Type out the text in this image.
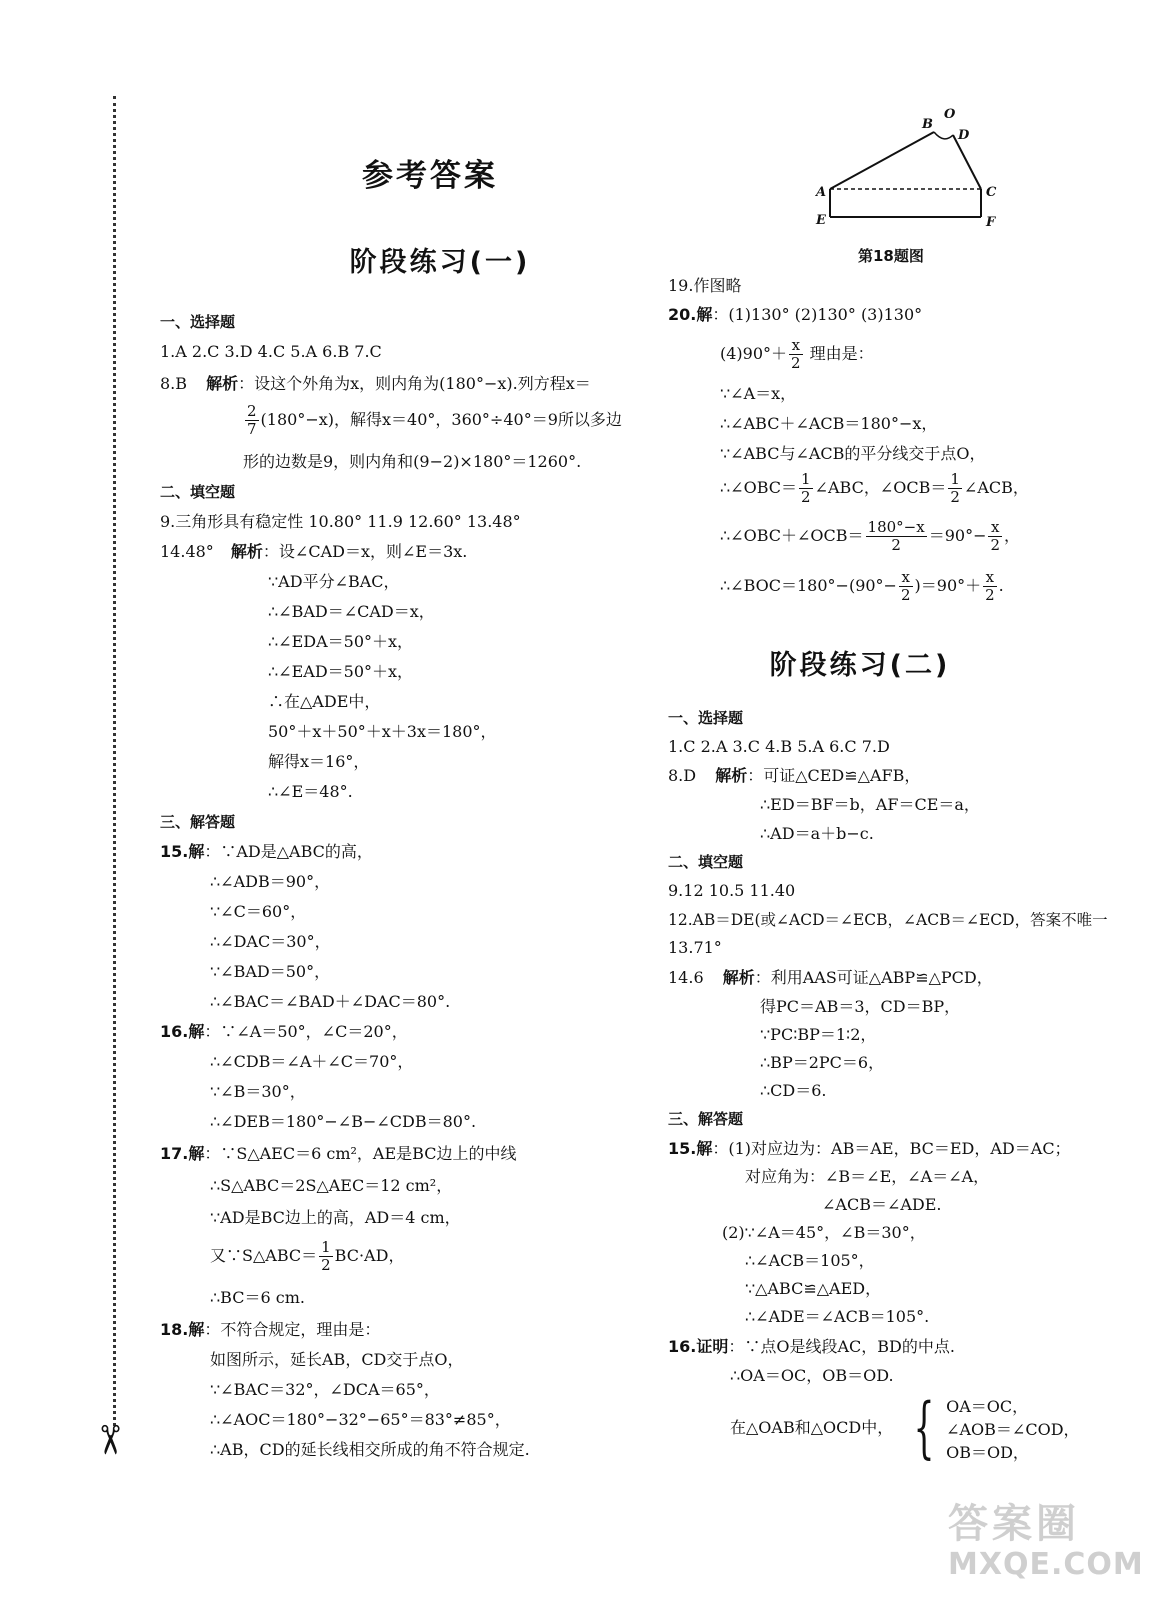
✂
参考答案
阶段练习(一)
一、选择题
1.A 2.C 3.D 4.C 5.A 6.B 7.C
8.B 解析：设这个外角为x，则内角为(180°−x).列方程x＝
$\frac{2}{7} (180^\circ-x)$，解得x＝40°，360°÷40°＝9所以多边
形的边数是9，则内角和(9−2)×180°＝1260°.
二、填空题
9.三角形具有稳定性 10.80° 11.9 12.60° 13.48°
14.48° 解析：设∠CAD＝x，则∠E＝3x.
∵AD平分∠BAC，
∴∠BAD＝∠CAD＝x，
∴∠EDA＝50°＋x，
∴∠EAD＝50°＋x，
∴在△ADE中，
50°＋x＋50°＋x＋3x＝180°，
解得x＝16°，
∴∠E＝48°.
三、解答题
15.解：∵AD是△ABC的高，
∴∠ADB＝90°，
∵∠C＝60°，
∴∠DAC＝30°，
∵∠BAD＝50°，
∴∠BAC＝∠BAD＋∠DAC＝80°.
16.解：∵∠A＝50°，∠C＝20°，
∴∠CDB＝∠A＋∠C＝70°，
∵∠B＝30°，
∴∠DEB＝180°−∠B−∠CDB＝80°.
17.解：∵S△AEC＝6 cm²，AE是BC边上的中线
∴S△ABC＝2S△AEC＝12 cm²，
∵AD是BC边上的高，AD＝4 cm，
又∵S△ABC＝ $\frac{1}{2} BC\cdot AD$，
∴BC＝6 cm.
18.解：不符合规定，理由是：
如图所示，延长AB，CD交于点O，
∵∠BAC＝32°，∠DCA＝65°，
∴∠AOC＝180°−32°−65°＝83°≠85°，
∴AB，CD的延长线相交所成的角不符合规定.
B
O
D
A	C
E	F
第18题图
19.作图略
20.解：(1)130° (2)130° (3)130°
$(4)90^\circ+ \frac{x}{2}$ 理由是：
∵∠A＝x，
∴∠ABC＋∠ACB＝180°−x，
∵∠ABC与∠ACB的平分线交于点O，
∴∠OBC＝ $\frac{1}{2}$ ∠ABC，∠OCB＝ $\frac{1}{2}$ ∠ACB，
∴∠OBC＋∠OCB＝ $\frac{180^\circ-x}{2} =90^\circ- \frac{x}{2}$ ，
∴∠BOC＝180°−(90°− $\frac{x}{2} )=90^\circ+ \frac{x}{2}$ .
阶段练习(二)
一、选择题
1.C 2.A 3.C 4.B 5.A 6.C 7.D
8.D 解析：可证△CED≌△AFB，
∴ED＝BF＝b，AF＝CE＝a，
∴AD＝a＋b−c.
二、填空题
9.12 10.5 11.40
12.AB＝DE(或∠ACD＝∠ECB，∠ACB＝∠ECD，答案不唯一
13.71°
14.6 解析：利用AAS可证△ABP≌△PCD，
得PC＝AB＝3，CD＝BP，
∵PC∶BP＝1∶2，
∴BP＝2PC＝6，
∴CD＝6.
三、解答题
15.解：(1)对应边为：AB＝AE，BC＝ED，AD＝AC；
对应角为：∠B＝∠E，∠A＝∠A，
∠ACB＝∠ADE.
(2)∵∠A＝45°，∠B＝30°，
∴∠ACB＝105°，
∵△ABC≌△AED，
∴∠ADE＝∠ACB＝105°.
16.证明：∵点O是线段AC，BD的中点.
∴OA＝OC，OB＝OD.
在△OAB和△OCD中， { OA＝OC，
∠AOB＝∠COD，
OB＝OD，
答案圈
MXQE.COM
